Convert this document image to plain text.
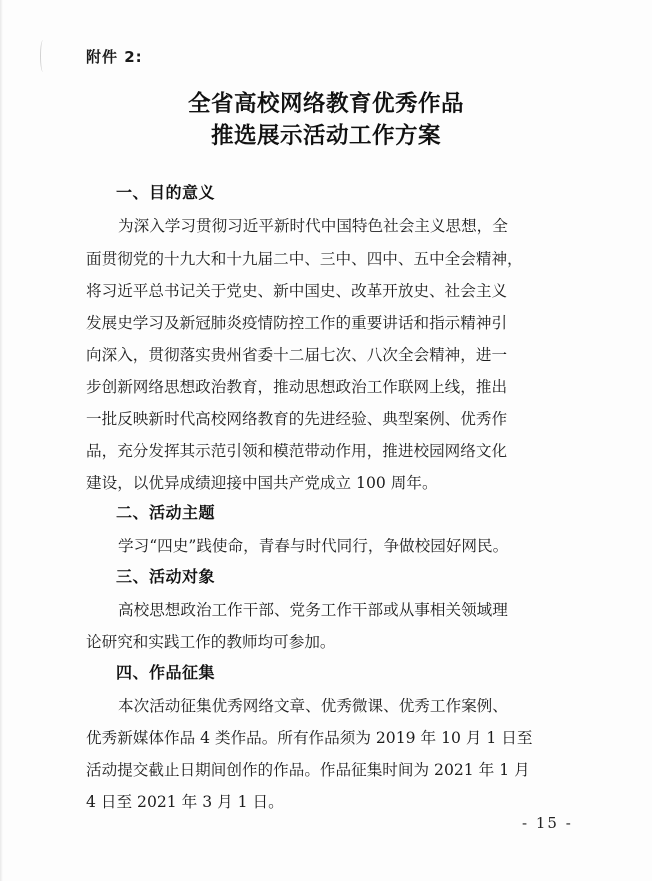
附件 2:
全省高校网络教育优秀作品
推选展示活动工作方案
一、目的意义
为深入学习贯彻习近平新时代中国特色社会主义思想，全
面贯彻党的十九大和十九届二中、三中、四中、五中全会精神，
将习近平总书记关于党史、新中国史、改革开放史、社会主义
发展史学习及新冠肺炎疫情防控工作的重要讲话和指示精神引
向深入，贯彻落实贵州省委十二届七次、八次全会精神，进一
步创新网络思想政治教育，推动思想政治工作联网上线，推出
一批反映新时代高校网络教育的先进经验、典型案例、优秀作
品，充分发挥其示范引领和模范带动作用，推进校园网络文化
建设，以优异成绩迎接中国共产党成立 100 周年。
二、活动主题
学习“四史”践使命，青春与时代同行，争做校园好网民。
三、活动对象
高校思想政治工作干部、党务工作干部或从事相关领域理
论研究和实践工作的教师均可参加。
四、作品征集
本次活动征集优秀网络文章、优秀微课、优秀工作案例、
优秀新媒体作品 4 类作品。所有作品须为 2019 年 10 月 1 日至
活动提交截止日期间创作的作品。作品征集时间为 2021 年 1 月
4 日至 2021 年 3 月 1 日。
- 15 -
